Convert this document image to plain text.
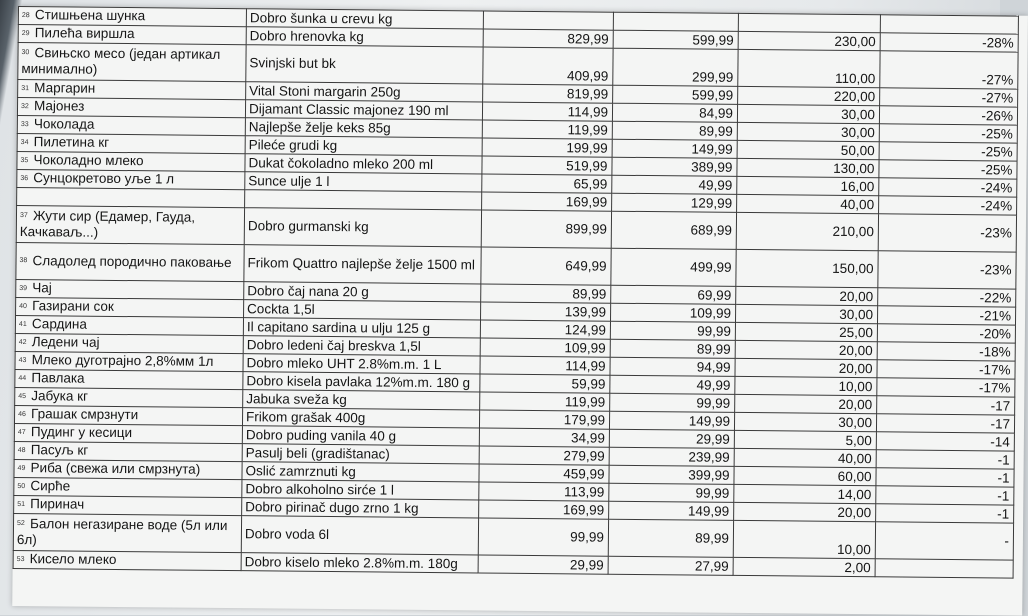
28 Стишњена шунка	Dobro šunka u crevu kg				
29 Пилећа виршла	Dobro hrenovka kg	829,99	599,99	230,00	-28%
30 Свињско месо (један артикал минимално)	Svinjski but bk	409,99	299,99	110,00	-27%
31 Маргарин	Vital Stoni margarin 250g	819,99	599,99	220,00	-27%
32 Мајонез	Dijamant Classic majonez 190 ml	114,99	84,99	30,00	-26%
33 Чоколада	Najlepše želje keks 85g	119,99	89,99	30,00	-25%
34 Пилетина кг	Pileće grudi kg	199,99	149,99	50,00	-25%
35 Чоколадно млеко	Dukat čokoladno mleko 200 ml	519,99	389,99	130,00	-25%
36 Сунцокретово уље 1 л	Sunce ulje 1 l	65,99	49,99	16,00	-24%
		169,99	129,99	40,00	-24%
37 Жути сир (Едамер, Гауда, Качкаваљ...)	Dobro gurmanski kg	899,99	689,99	210,00	-23%
38 Сладолед породично паковање	Frikom Quattro najlepše želje 1500 ml	649,99	499,99	150,00	-23%
39 Чај	Dobro čaj nana 20 g	89,99	69,99	20,00	-22%
40 Газирани сок	Cockta 1,5l	139,99	109,99	30,00	-21%
41 Сардина	Il capitano sardina u ulju 125 g	124,99	99,99	25,00	-20%
42 Ледени чај	Dobro ledeni čaj breskva 1,5l	109,99	89,99	20,00	-18%
43 Млеко дуготрајно 2,8%мм 1л	Dobro mleko UHT 2.8%m.m. 1 L	114,99	94,99	20,00	-17%
44 Павлака	Dobro kisela pavlaka 12%m.m. 180 g	59,99	49,99	10,00	-17%
45 Јабука кг	Jabuka sveža kg	119,99	99,99	20,00	-17
46 Грашак смрзнути	Frikom grašak 400g	179,99	149,99	30,00	-17
47 Пудинг у кесици	Dobro puding vanila 40 g	34,99	29,99	5,00	-14
48 Пасуљ кг	Pasulj beli (gradištanac)	279,99	239,99	40,00	-1
49 Риба (свежа или смрзнута)	Oslić zamrznuti kg	459,99	399,99	60,00	-1
50 Сирће	Dobro alkoholno sirće 1 l	113,99	99,99	14,00	-1
51 Пиринач	Dobro pirinač dugo zrno 1 kg	169,99	149,99	20,00	-1
52 Балон негазиране воде (5л или 6л)	Dobro voda 6l	99,99	89,99	10,00	-
53 Кисело млеко	Dobro kiselo mleko 2.8%m.m. 180g	29,99	27,99	2,00	
